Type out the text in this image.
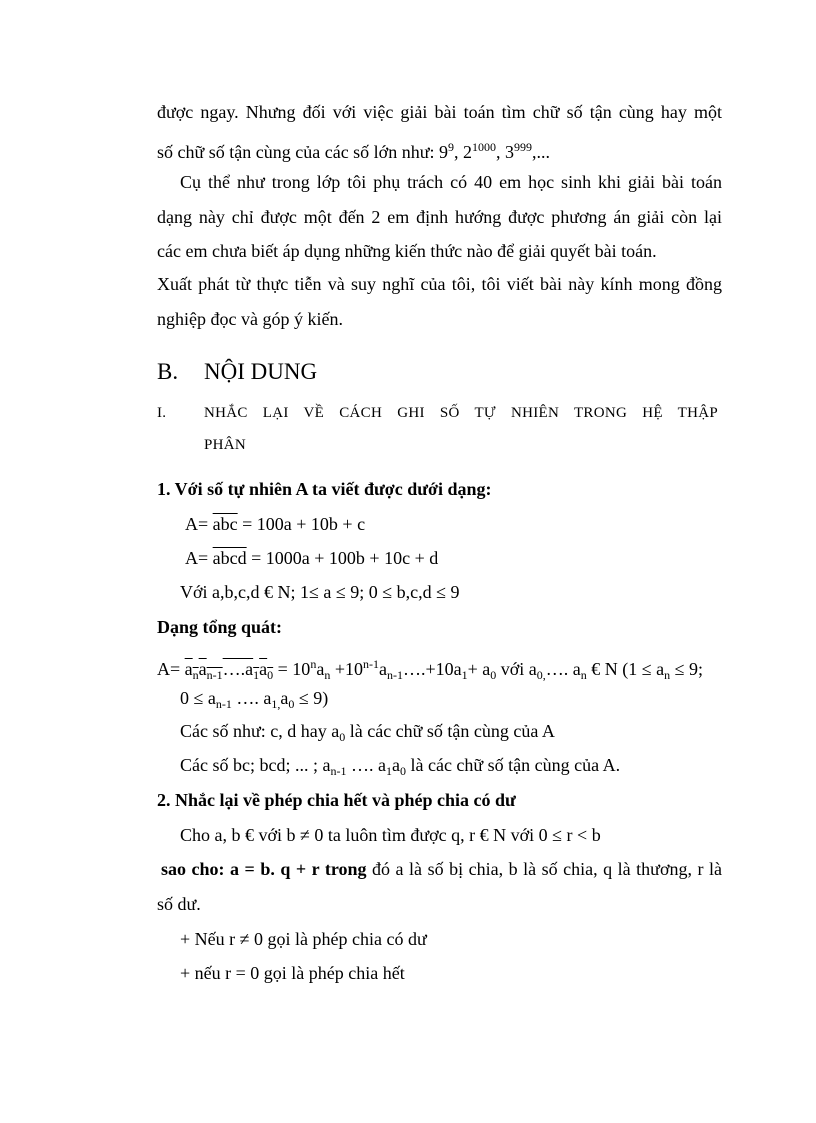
được ngay. Nhưng đối với việc giải bài toán tìm chữ số tận cùng hay một
số chữ số tận cùng của các số lớn như: $9^9$, $2^{1000}$, $3^{999}$,...
Cụ thể như trong lớp tôi phụ trách có 40 em học sinh khi giải bài toán
dạng này chỉ được một đến 2 em định hướng được phương án giải còn lại
các em chưa biết áp dụng những kiến thức nào để giải quyết bài toán.
Xuất phát từ thực tiễn và suy nghĩ của tôi, tôi viết bài này kính mong đồng
nghiệp đọc và góp ý kiến.
B. NỘI DUNG
I.	NHẮC LẠI VỀ CÁCH GHI SỐ TỰ NHIÊN TRONG HỆ THẬP
PHÂN
1. Với số tự nhiên A ta viết được dưới dạng:
$A= \overline{abc} = 100a + 10b + c$
A= abcd = 1000a + 100b + 10c + d
Với a,b,c,d € N; 1≤ a ≤ 9; 0 ≤ b,c,d ≤ 9
Dạng tổng quát:
$A= a_na_{n-1}\dots.a_1a_0 = 10^na_n$ $+10^{n-1}a_{n-1}\dots.+10a_1+ a_0$ với $a_{0,}\dots$. $a_n$ € N ($1 \le a_n \le 9$;
$0 \le a_{n-1}$ …. $a_{1,}a_0 \le 9$)
Các số như: c, d hay $a_0$ là các chữ số tận cùng của A
Các số bc; bcd; ... ; $a_{n-1}$ …. $a_1a_0$ là các chữ số tận cùng của A.
2. Nhắc lại về phép chia hết và phép chia có dư
Cho a, b € với b ≠ 0 ta luôn tìm được q, r € N với 0 ≤ r < b
sao cho: a = b. q + r trong đó a là số bị chia, b là số chia, q là thương, r là
số dư.
+ Nếu r ≠ 0 gọi là phép chia có dư
+ nếu r = 0 gọi là phép chia hết
